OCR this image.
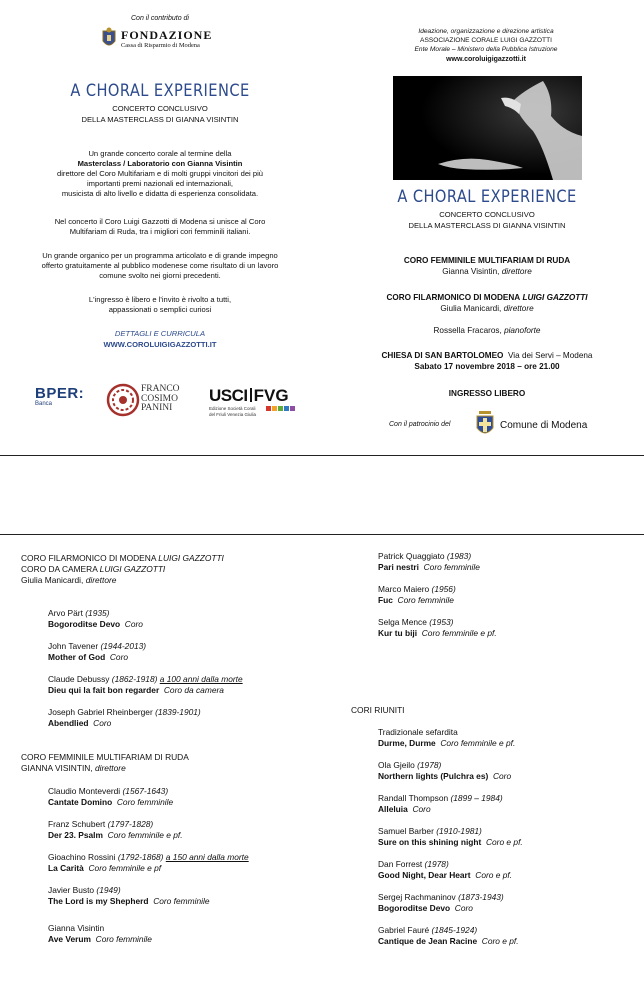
Con il contributo di
FONDAZIONE
Cassa di Risparmio di Modena
A CHORAL EXPERIENCE
CONCERTO CONCLUSIVO
DELLA MASTERCLASS DI GIANNA VISINTIN
Un grande concerto corale al termine della
Masterclass / Laboratorio con Gianna Visintin
direttore del Coro Multifariam e di molti gruppi vincitori dei più
importanti premi nazionali ed internazionali,
musicista di alto livello e didatta di esperienza consolidata.
Nel concerto il Coro Luigi Gazzotti di Modena si unisce al Coro
Multifariam di Ruda, tra i migliori cori femminili italiani.
Un grande organico per un programma articolato e di grande impegno
offerto gratuitamente al pubblico modenese come risultato di un lavoro
comune svolto nei giorni precedenti.
L'ingresso è libero e l'invito è rivolto a tutti,
appassionati o semplici curiosi
DETTAGLI E CURRICULA
WWW.COROLUIGIGAZZOTTI.IT
BPER:
Banca
FRANCO
COSIMO
PANINI
USCI FVG
Edizione Società Corali
del Friuli Venezia Giulia
Ideazione, organizzazione e direzione artistica
ASSOCIAZIONE CORALE LUIGI GAZZOTTI
Ente Morale – Ministero della Pubblica Istruzione
www.coroluigigazzotti.it
A CHORAL EXPERIENCE
CONCERTO CONCLUSIVO
DELLA MASTERCLASS DI GIANNA VISINTIN
CORO FEMMINILE MULTIFARIAM DI RUDA
Gianna Visintin, direttore
CORO FILARMONICO DI MODENA LUIGI GAZZOTTI
Giulia Manicardi, direttore
Rossella Fracaros, pianoforte
CHIESA DI SAN BARTOLOMEO Via dei Servi – Modena
Sabato 17 novembre 2018 – ore 21.00
INGRESSO LIBERO
Con il patrocinio del	Comune di Modena
CORO FILARMONICO DI MODENA LUIGI GAZZOTTI
CORO DA CAMERA LUIGI GAZZOTTI
Giulia Manicardi, direttore
Arvo Pärt (1935)
Bogoroditse Devo Coro
John Tavener (1944-2013)
Mother of God Coro
Claude Debussy (1862-1918) a 100 anni dalla morte
Dieu qui la fait bon regarder Coro da camera
Joseph Gabriel Rheinberger (1839-1901)
Abendlied Coro
CORO FEMMINILE MULTIFARIAM DI RUDA
GIANNA VISINTIN, direttore
Claudio Monteverdi (1567-1643)
Cantate Domino Coro femminile
Franz Schubert (1797-1828)
Der 23. Psalm Coro femminile e pf.
Gioachino Rossini (1792-1868) a 150 anni dalla morte
La Carità Coro femminile e pf
Javier Busto (1949)
The Lord is my Shepherd Coro femminile
Gianna Visintin
Ave Verum Coro femminile
Patrick Quaggiato (1983)
Pari nestri Coro femminile
Marco Maiero (1956)
Fuc Coro femminile
Selga Mence (1953)
Kur tu biji Coro femminile e pf.
CORI RIUNITI
Tradizionale sefardita
Durme, Durme Coro femminile e pf.
Ola Gjeilo (1978)
Northern lights (Pulchra es) Coro
Randall Thompson (1899 – 1984)
Alleluia Coro
Samuel Barber (1910-1981)
Sure on this shining night Coro e pf.
Dan Forrest (1978)
Good Night, Dear Heart Coro e pf.
Sergej Rachmaninov (1873-1943)
Bogoroditse Devo Coro
Gabriel Fauré (1845-1924)
Cantique de Jean Racine Coro e pf.
